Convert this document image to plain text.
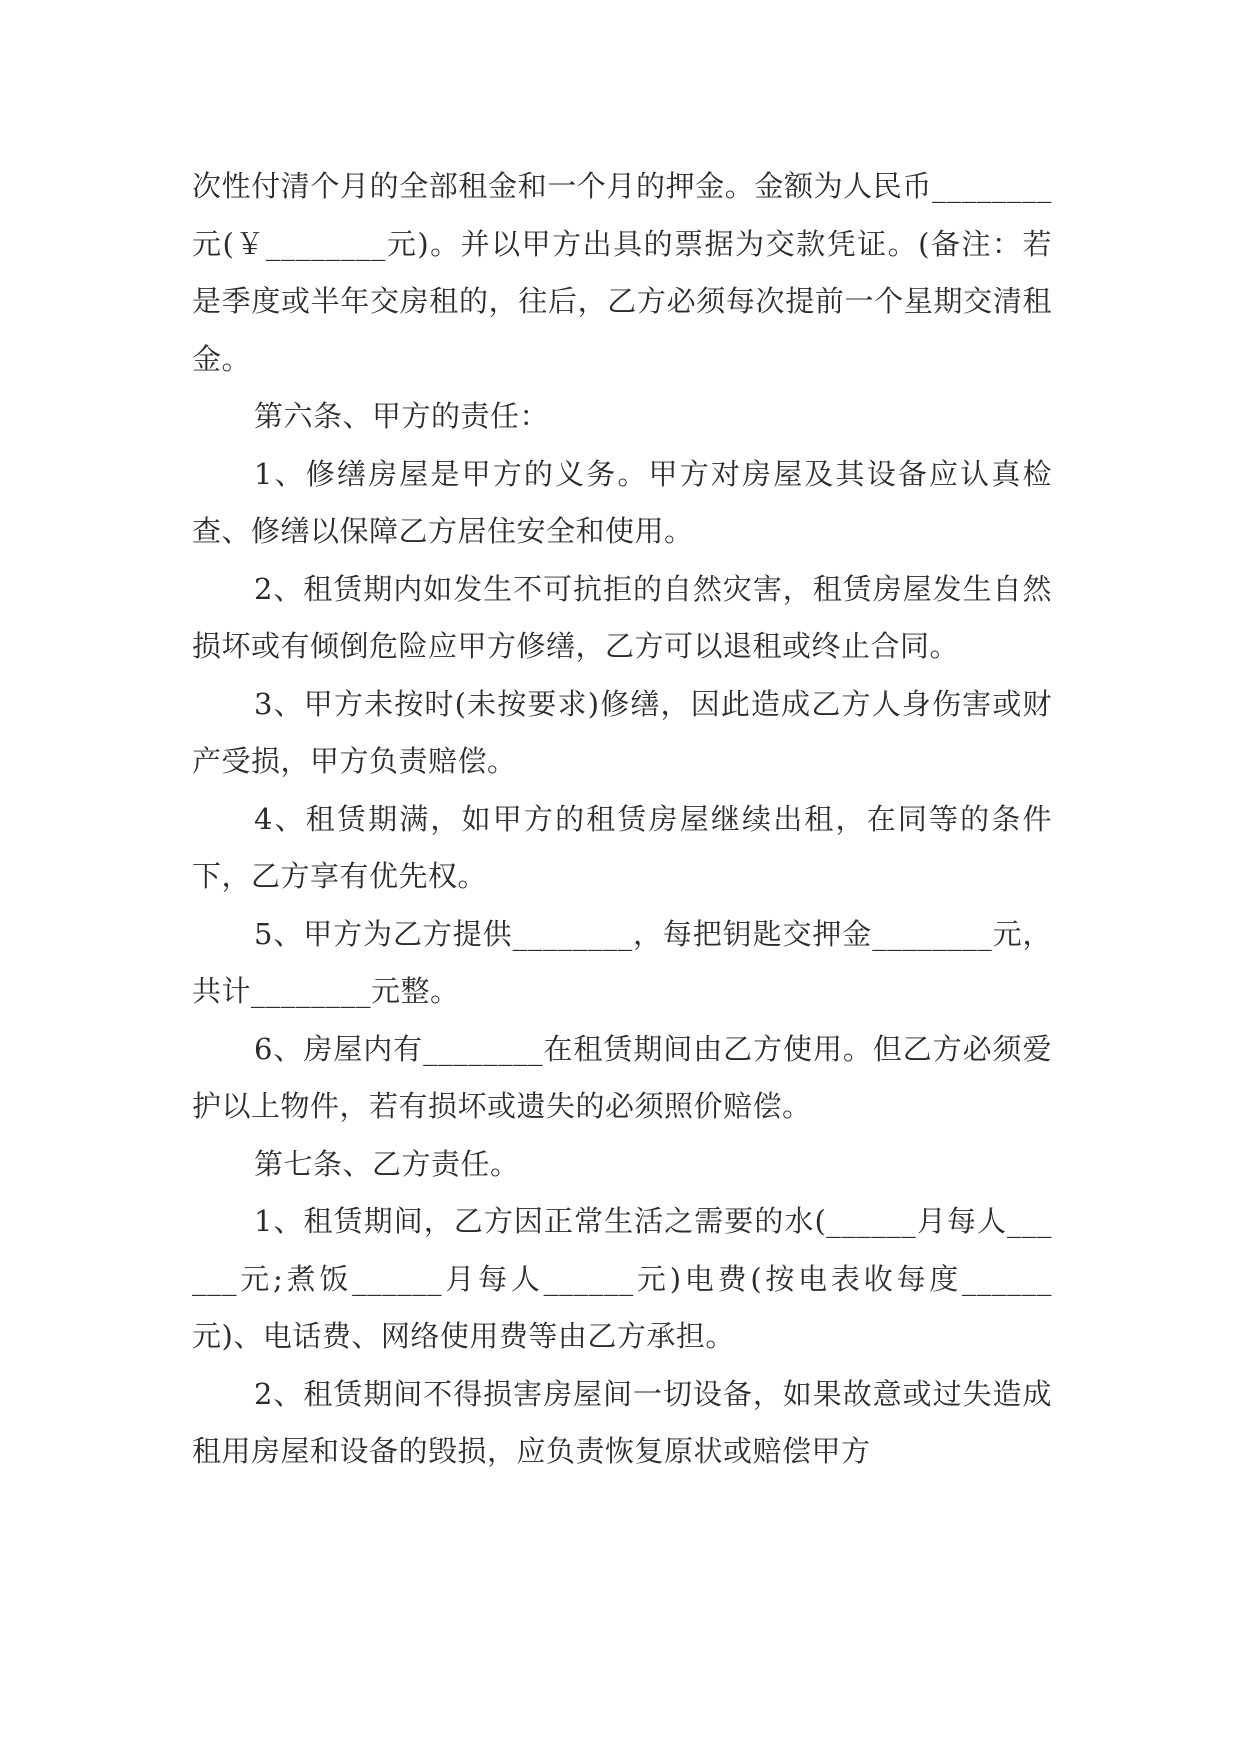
次性付清个月的全部租金和一个月的押金。金额为人民币________元(￥________元)。并以甲方出具的票据为交款凭证。(备注：若是季度或半年交房租的，往后，乙方必须每次提前一个星期交清租金。

第六条、甲方的责任：

1、修缮房屋是甲方的义务。甲方对房屋及其设备应认真检查、修缮以保障乙方居住安全和使用。

2、租赁期内如发生不可抗拒的自然灾害，租赁房屋发生自然损坏或有倾倒危险应甲方修缮，乙方可以退租或终止合同。

3、甲方未按时(未按要求)修缮，因此造成乙方人身伤害或财产受损，甲方负责赔偿。

4、租赁期满，如甲方的租赁房屋继续出租，在同等的条件下，乙方享有优先权。

5、甲方为乙方提供________，每把钥匙交押金________元，共计________元整。

6、房屋内有________在租赁期间由乙方使用。但乙方必须爱护以上物件，若有损坏或遗失的必须照价赔偿。

第七条、乙方责任。

1、租赁期间，乙方因正常生活之需要的水(______月每人______元;煮饭______月每人______元)电费(按电表收每度______元)、电话费、网络使用费等由乙方承担。

2、租赁期间不得损害房屋间一切设备，如果故意或过失造成租用房屋和设备的毁损，应负责恢复原状或赔偿甲方
